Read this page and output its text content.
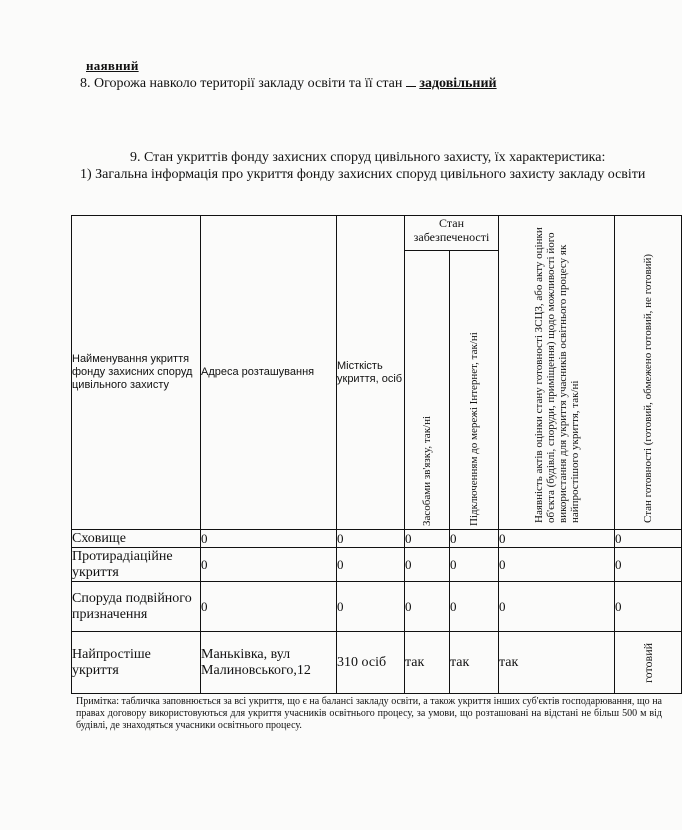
наявний
8. Огорожа навколо території закладу освіти та її стан задовільний
9. Стан укриттів фонду захисних споруд цивільного захисту, їх характеристика:
1) Загальна інформація про укриття фонду захисних споруд цивільного захисту закладу освіти
Найменування укриття фонду захисних споруд цивільного захисту	Адреса розташування	Місткість укриття, осіб	Стан забезпеченості		Наявність актів оцінки стану готовності ЗСЦЗ, або акту оцінки об'єкта (будівлі, споруди, приміщення) щодо можливості його використання для укриття учасників освітнього процесу як найпростішого укриття, так/ні	Стан готовності (готовий, обмежено готовий, не готовий)

			Засобами зв'язку, так/ні	Підключенням до мережі Інтернет, так/ні		

Сховище	0	0	0	0	0	0
Протирадіаційне укриття	0	0	0	0	0	0
Споруда подвійного призначення	0	0	0	0	0	0
Найпростіше укриття	Маньківка, вул Малиновського,12	310 осіб	так	так	так	готовий
Примітка: табличка заповнюється за всі укриття, що є на балансі закладу освіти, а також укриття інших суб'єктів господарювання, що на правах договору використовуються для укриття учасників освітнього процесу, за умови, що розташовані на відстані не більш 500 м від будівлі, де знаходяться учасники освітнього процесу.
